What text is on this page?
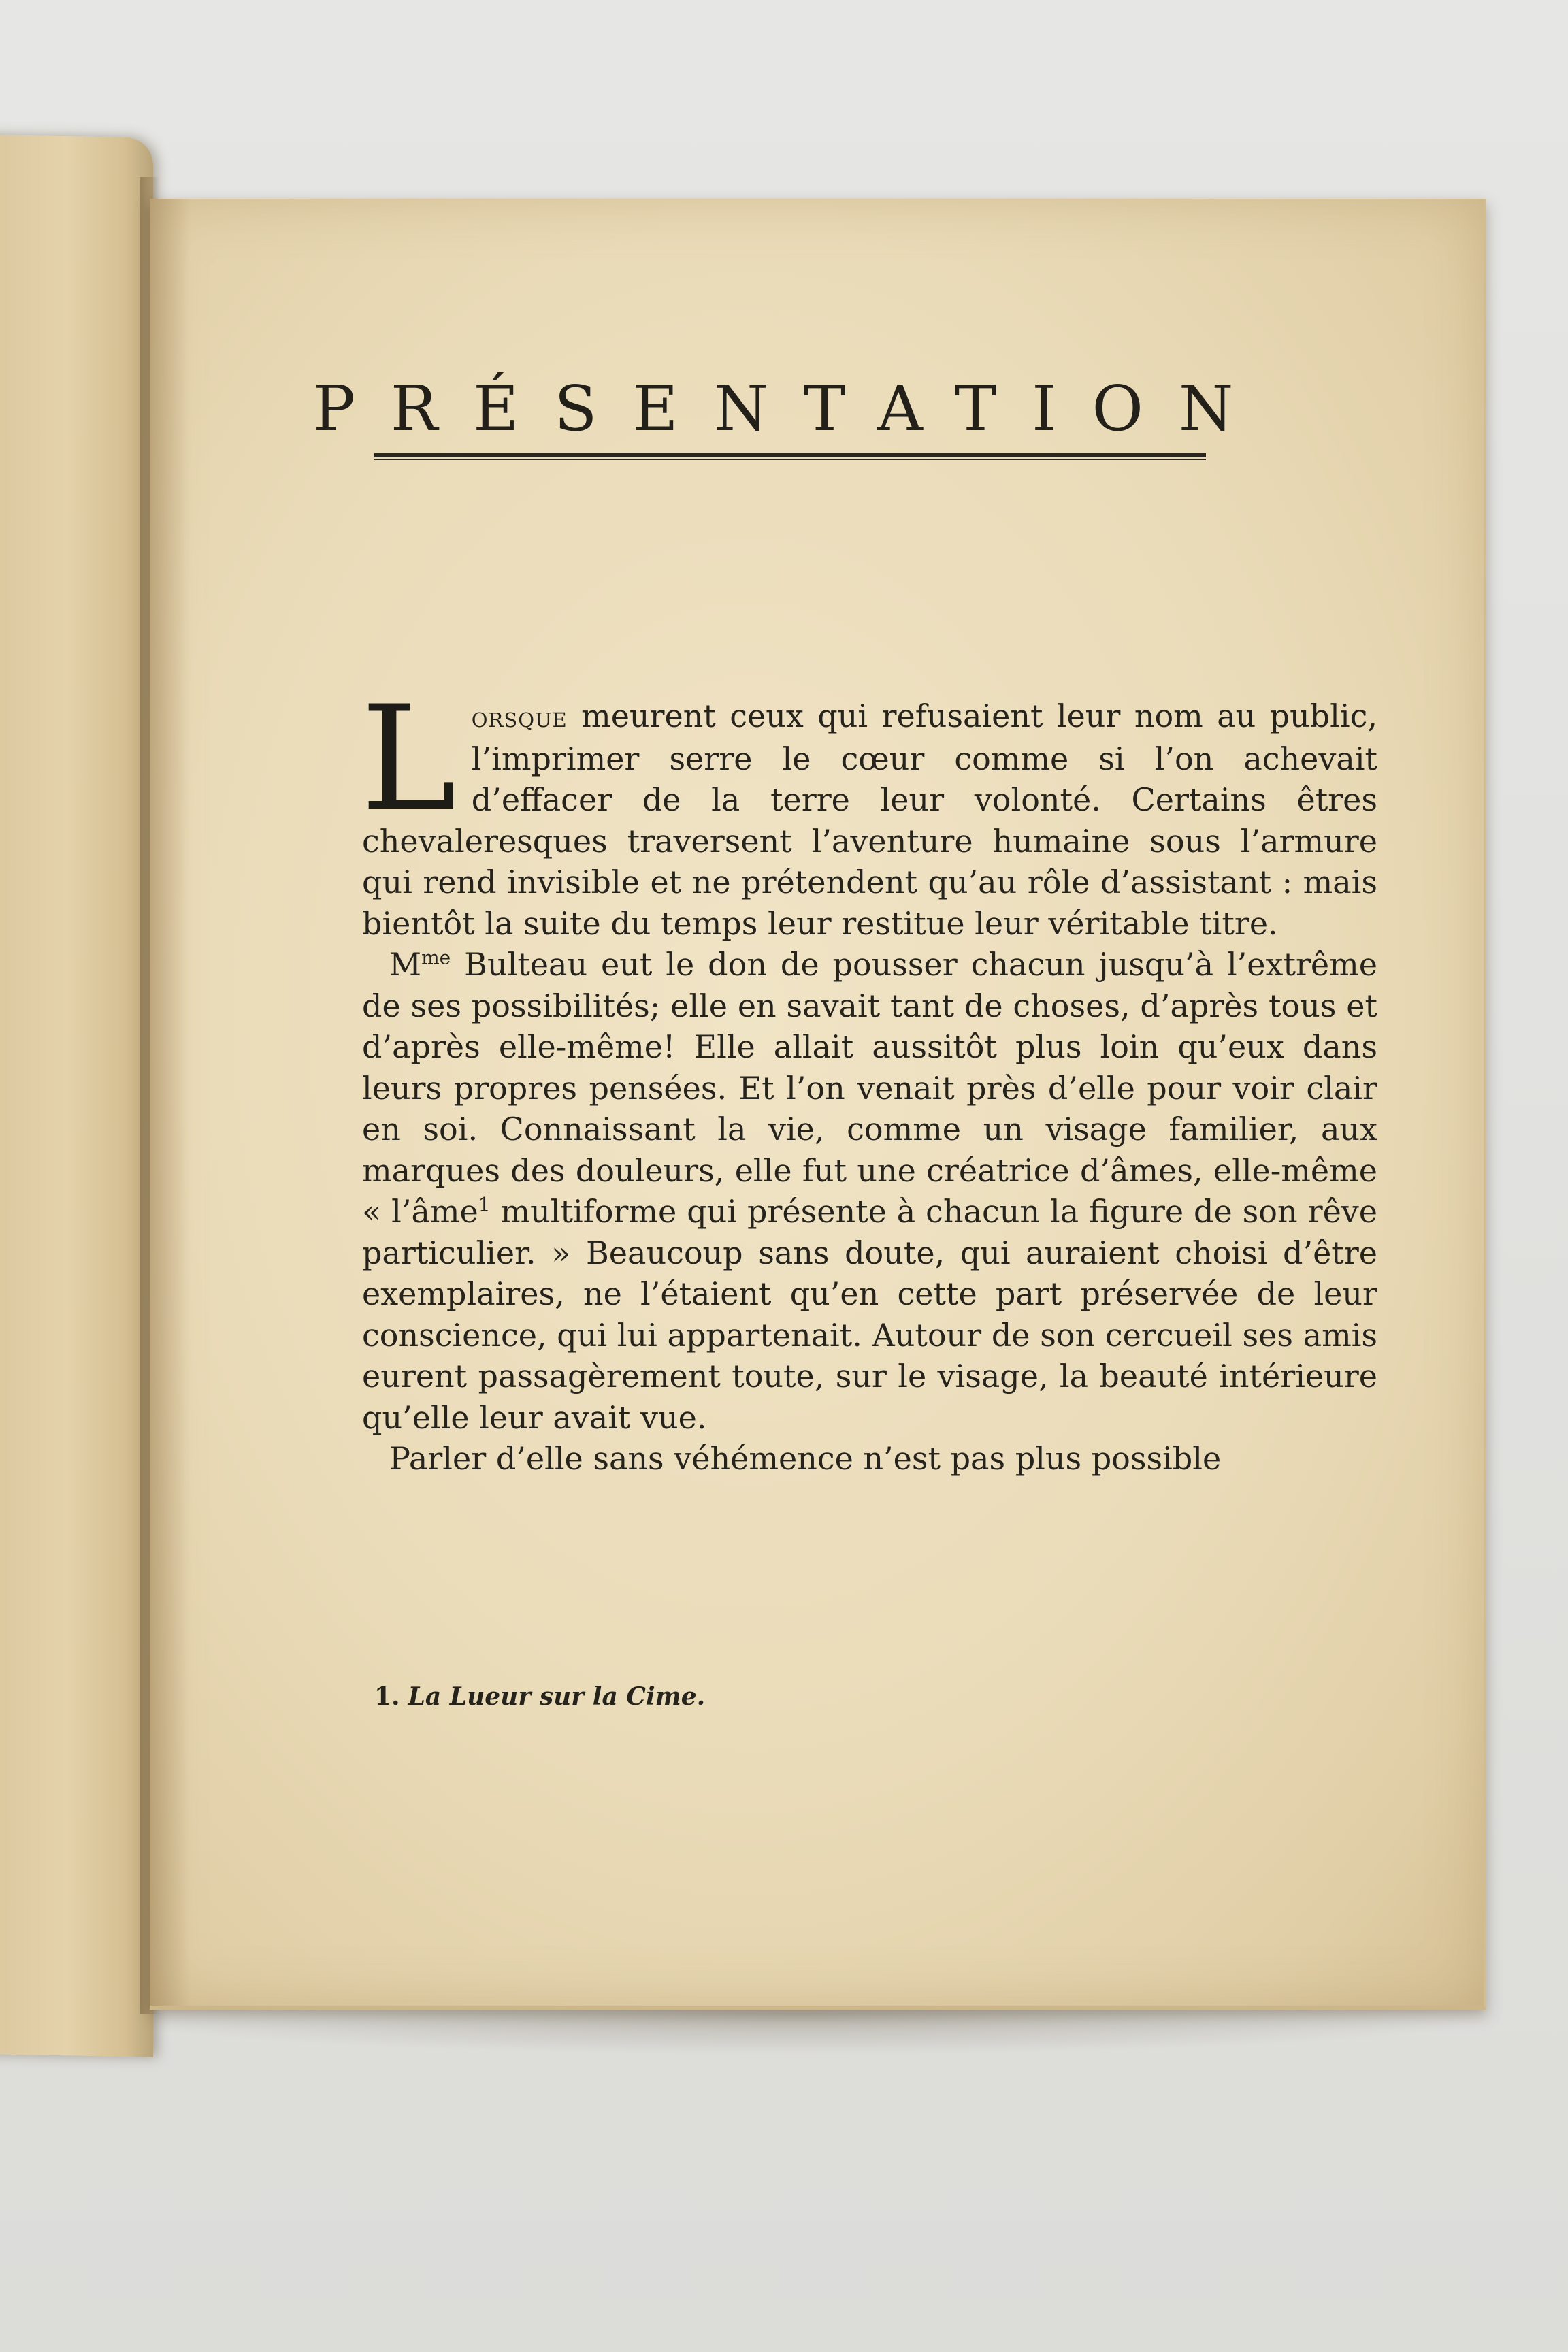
PRÉSENTATION

Lorsque meurent ceux qui refusaient leur nom au public, l’imprimer serre le cœur comme si l’on achevait d’effacer de la terre leur volonté. Certains êtres chevaleresques traversent l’aventure humaine sous l’armure qui rend invisible et ne prétendent qu’au rôle d’assistant : mais bientôt la suite du temps leur restitue leur véritable titre.

$M^{me}$ Bulteau eut le don de pousser chacun jusqu’à l’extrême de ses possibilités; elle en savait tant de choses, d’après tous et d’après elle-même! Elle allait aussitôt plus loin qu’eux dans leurs propres pensées. Et l’on venait près d’elle pour voir clair en soi. Connaissant la vie, comme un visage familier, aux marques des douleurs, elle fut une créatrice d’âmes, elle-même « l’âme$^1$ multiforme qui présente à chacun la figure de son rêve particulier. » Beaucoup sans doute, qui auraient choisi d’être exemplaires, ne l’étaient qu’en cette part préservée de leur conscience, qui lui appartenait. Autour de son cercueil ses amis eurent passagèrement toute, sur le visage, la beauté intérieure qu’elle leur avait vue.

Parler d’elle sans véhémence n’est pas plus possible

1. La Lueur sur la Cime.
